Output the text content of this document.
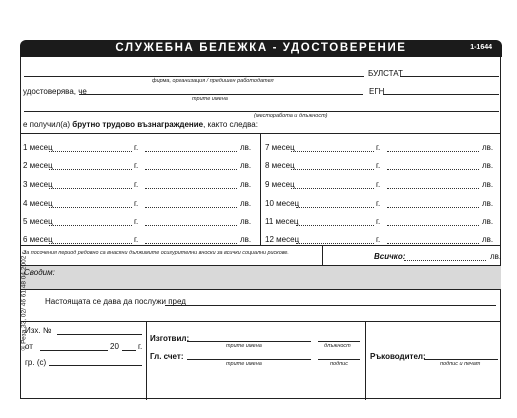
СЛУЖЕБНА БЕЛЕЖКА - УДОСТОВЕРЕНИЕ	1-1644
БУЛСТАТ
фирма, организация / предишен работодател
удостоверява, че	ЕГН
трите имена
(месторабота и длъжност)
е получил(а) брутно трудово възнаграждение, както следва:
1 месец	г.	лв.
2 месец	г.	лв.
3 месец	г.	лв.
4 месец	г.	лв.
5 месец	г.	лв.
6 месец	г.	лв.
7 месец	г.	лв.
8 месец	г.	лв.
9 месец	г.	лв.
10 месец	г.	лв.
11 месец	г.	лв.
12 месец	г.	лв.
За посочения период редовно са внасяни дължимите осигурителни вноски за всички социални рискове.	Всичко:	лв.
Сводим:
Настоящата се дава да послужи пред
Изх. №
от	20 г.
гр. (с)
Изготвил:
трите имена	длъжност
Гл. счет:
трите имена	подпис
Ръководител:
подпис и печат
® Реза 33, 02/ 46 61 48 04.2002 г.
